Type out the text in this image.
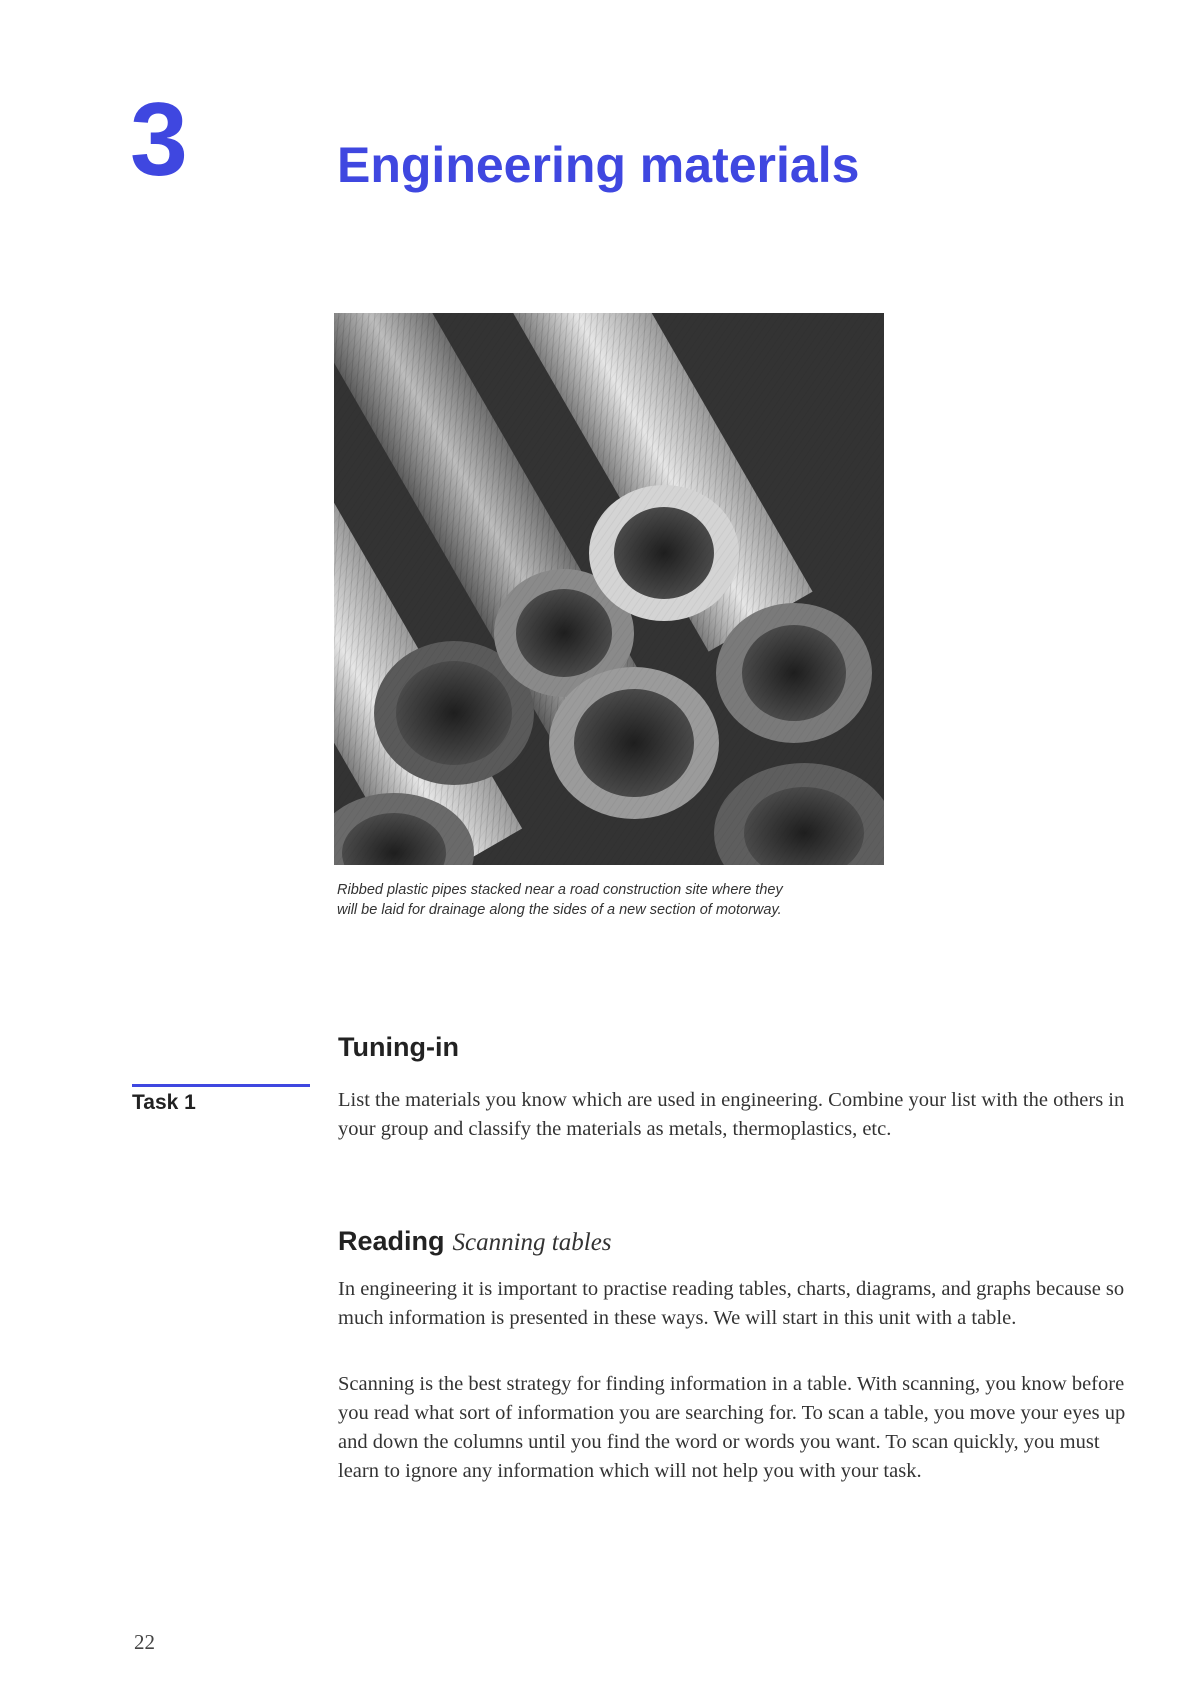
3	Engineering materials
Ribbed plastic pipes stacked near a road construction site where they
will be laid for drainage along the sides of a new section of motorway.
Tuning-in
Task 1	List the materials you know which are used in engineering. Combine your list with the others in your group and classify the materials as metals, thermoplastics, etc.

Reading Scanning tables

In engineering it is important to practise reading tables, charts, diagrams, and graphs because so much information is presented in these ways. We will start in this unit with a table.

Scanning is the best strategy for finding information in a table. With scanning, you know before you read what sort of information you are searching for. To scan a table, you move your eyes up and down the columns until you find the word or words you want. To scan quickly, you must learn to ignore any information which will not help you with your task.

22
